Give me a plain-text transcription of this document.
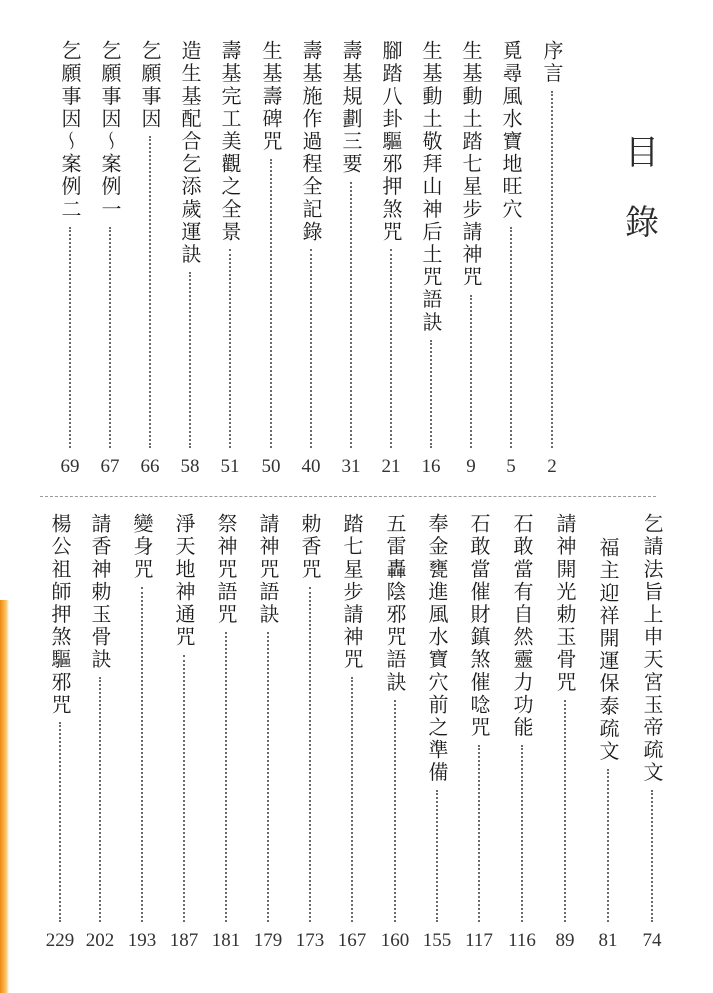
目
錄
序言
2
覓尋風水寶地旺穴
5
生基動土踏七星步請神咒
9
生基動土敬拜山神后土咒語訣
16
腳踏八卦驅邪押煞咒
21
壽基規劃三要
31
壽基施作過程全記錄
40
生基壽碑咒
50
壽基完工美觀之全景
51
造生基配合乞添歲運訣
58
乞願事因
66
乞願事因～案例一
67
乞願事因～案例二
69
乞請法旨上申天宮玉帝疏文
74
福主迎祥開運保泰疏文
81
請神開光勅玉骨咒
89
石敢當有自然靈力功能
116
石敢當催財鎮煞催唸咒
117
奉金甕進風水寶穴前之準備
155
五雷轟陰邪咒語訣
160
踏七星步請神咒
167
勅香咒
173
請神咒語訣
179
祭神咒語咒
181
淨天地神通咒
187
變身咒
193
請香神勅玉骨訣
202
楊公祖師押煞驅邪咒
229
